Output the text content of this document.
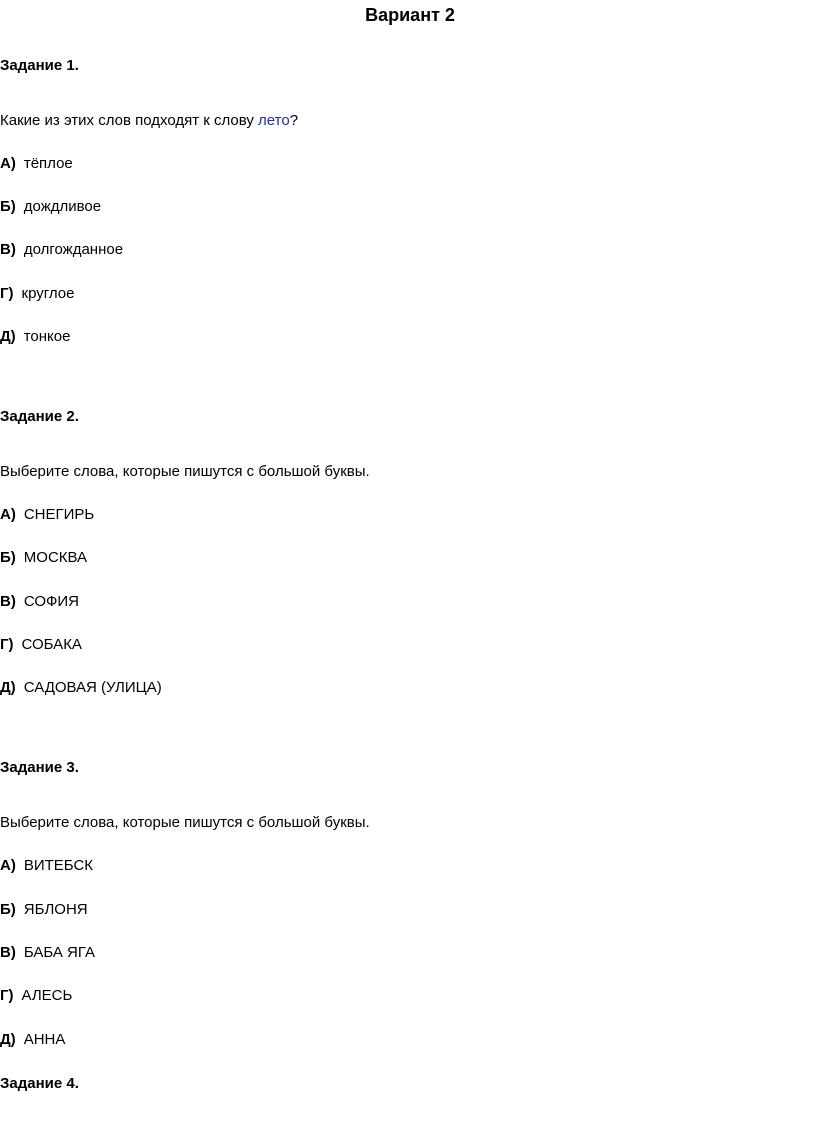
Вариант 2
Задание 1.
Какие из этих слов подходят к слову лето?
А) тёплое
Б) дождливое
В) долгожданное
Г) круглое
Д) тонкое
Задание 2.
Выберите слова, которые пишутся с большой буквы.
А) СНЕГИРЬ
Б) МОСКВА
В) СОФИЯ
Г) СОБАКА
Д) САДОВАЯ (УЛИЦА)
Задание 3.
Выберите слова, которые пишутся с большой буквы.
А) ВИТЕБСК
Б) ЯБЛОНЯ
В) БАБА ЯГА
Г) АЛЕСЬ
Д) АННА
Задание 4.
